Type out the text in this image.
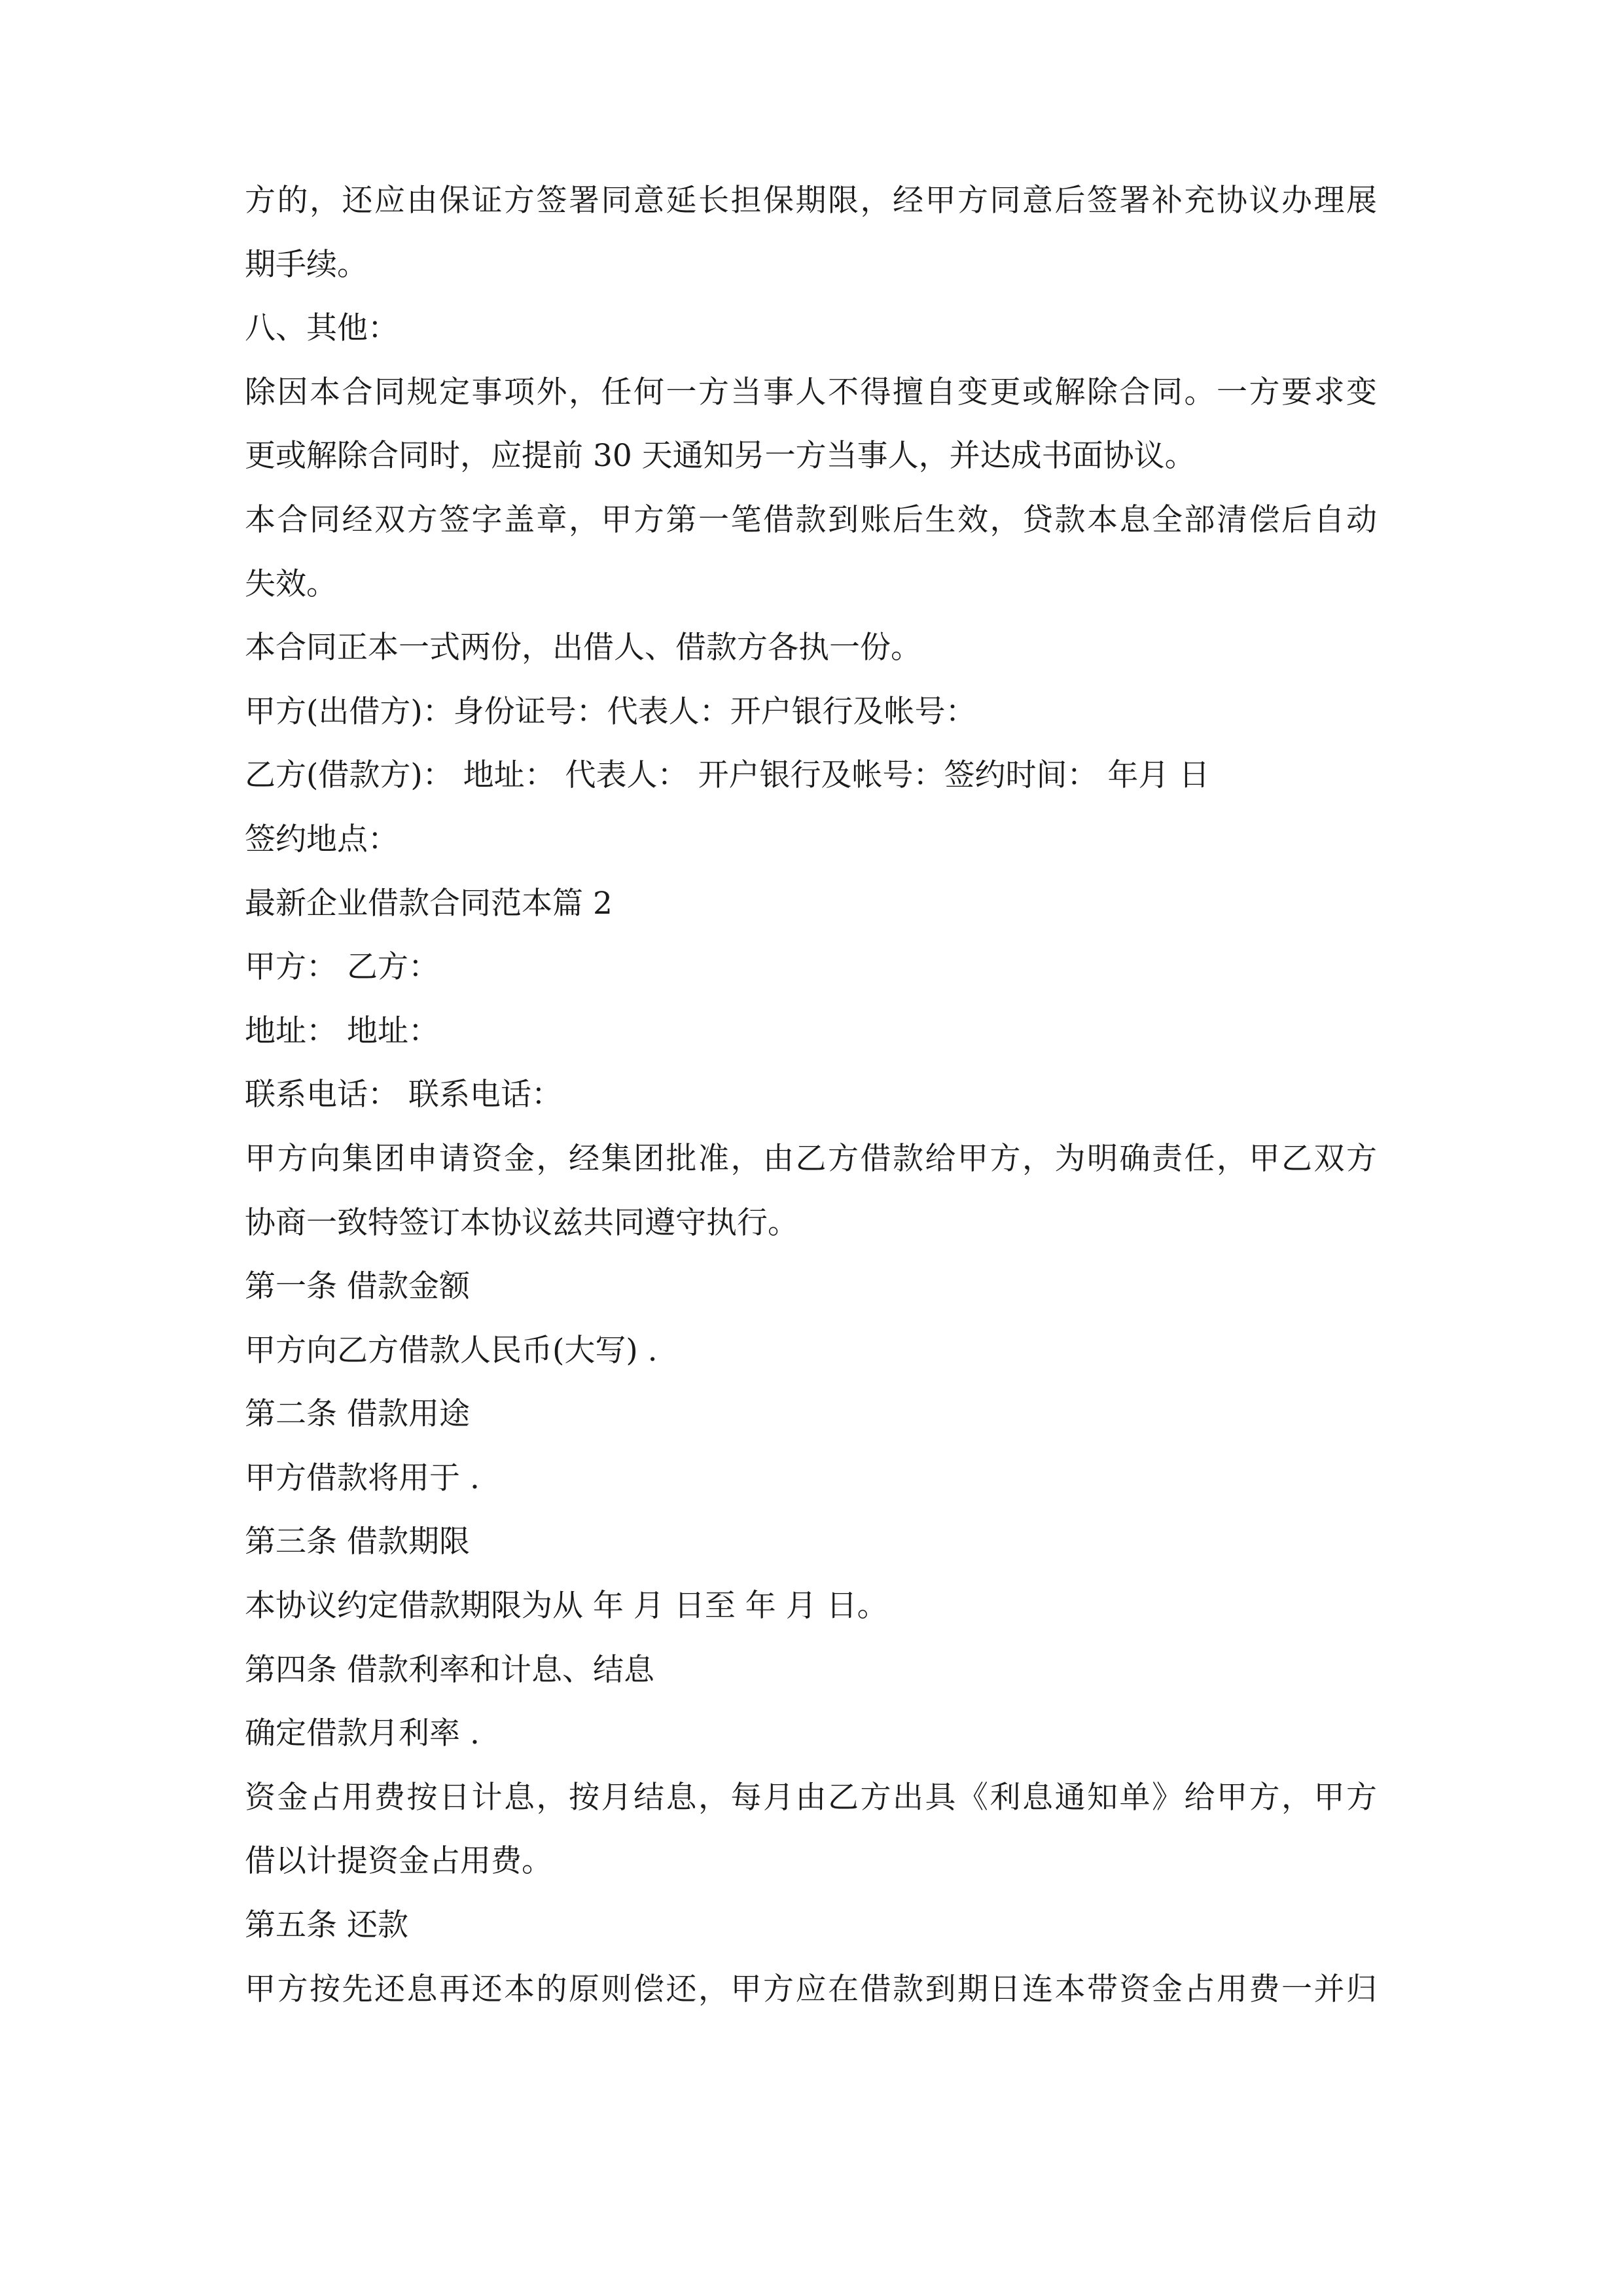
方的，还应由保证方签署同意延长担保期限，经甲方同意后签署补充协议办理展
期手续。
八、其他：
除因本合同规定事项外，任何一方当事人不得擅自变更或解除合同。一方要求变
更或解除合同时，应提前 30 天通知另一方当事人，并达成书面协议。
本合同经双方签字盖章，甲方第一笔借款到账后生效，贷款本息全部清偿后自动
失效。
本合同正本一式两份，出借人、借款方各执一份。
甲方(出借方)：身份证号：代表人：开户银行及帐号：
乙方(借款方)： 地址： 代表人： 开户银行及帐号：签约时间： 年月 日
签约地点：
最新企业借款合同范本篇 2
甲方： 乙方：
地址： 地址：
联系电话： 联系电话：
甲方向集团申请资金，经集团批准，由乙方借款给甲方，为明确责任，甲乙双方
协商一致特签订本协议兹共同遵守执行。
第一条 借款金额
甲方向乙方借款人民币(大写) .
第二条 借款用途
甲方借款将用于 .
第三条 借款期限
本协议约定借款期限为从 年 月 日至 年 月 日。
第四条 借款利率和计息、结息
确定借款月利率 .
资金占用费按日计息，按月结息，每月由乙方出具《利息通知单》给甲方，甲方
借以计提资金占用费。
第五条 还款
甲方按先还息再还本的原则偿还，甲方应在借款到期日连本带资金占用费一并归
